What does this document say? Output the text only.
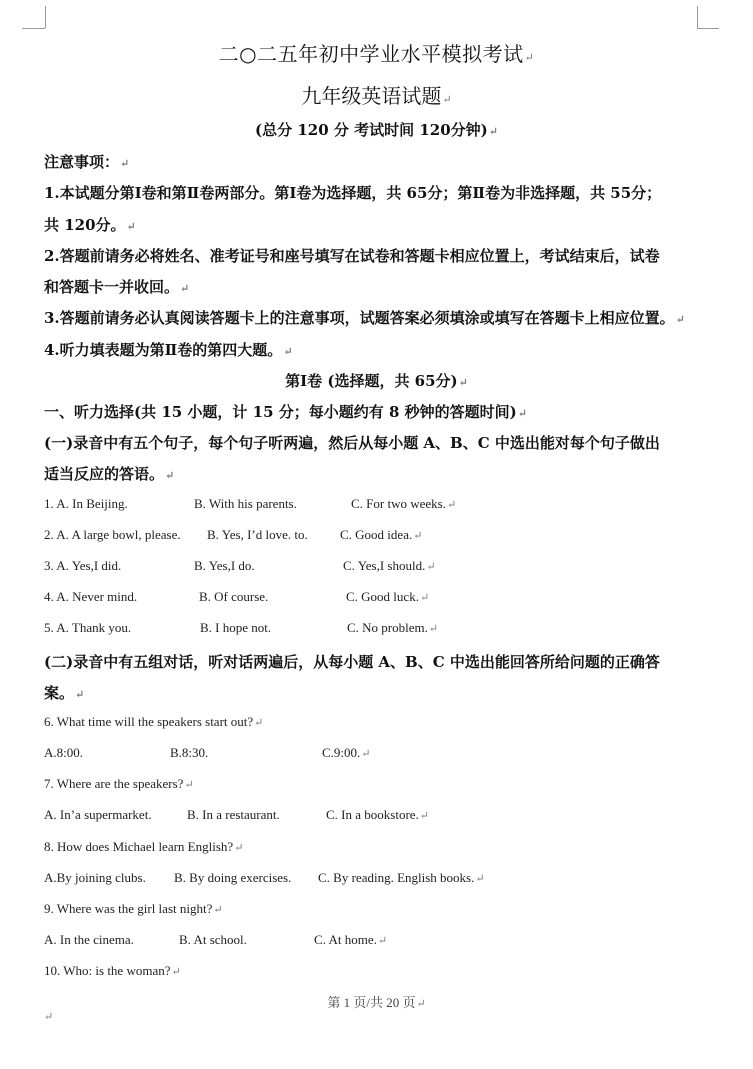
二○二五年初中学业水平模拟考试↵
九年级英语试题↵
(总分 120 分 考试时间 120分钟)↵
注意事项：↵
1.本试题分第Ⅰ卷和第Ⅱ卷两部分。第Ⅰ卷为选择题，共 65分；第Ⅱ卷为非选择题，共 55分；
共 120分。↵
2.答题前请务必将姓名、准考证号和座号填写在试卷和答题卡相应位置上，考试结束后，试卷
和答题卡一并收回。↵
3.答题前请务必认真阅读答题卡上的注意事项，试题答案必须填涂或填写在答题卡上相应位置。↵
4.听力填表题为第Ⅱ卷的第四大题。↵
第Ⅰ卷 (选择题，共 65分)↵
一、听力选择(共 15 小题，计 15 分；每小题约有 8 秒钟的答题时间)↵
(一)录音中有五个句子，每个句子听两遍，然后从每小题 A、B、C 中选出能对每个句子做出
适当反应的答语。↵
1. A. In Beijing.	B. With his parents.	C. For two weeks.↵
2. A. A large bowl, please. B. Yes, I’d love. to. C. Good idea.↵
3. A. Yes,I did.	B. Yes,I do.	C. Yes,I should.↵
4. A. Never mind.	B. Of course.	C. Good luck.↵
5. A. Thank you.	B. I hope not.	C. No problem.↵
(二)录音中有五组对话，听对话两遍后，从每小题 A、B、C 中选出能回答所给问题的正确答
案。↵
6. What time will the speakers start out?↵
A.8:00.	B.8:30.	C.9:00.↵
7. Where are the speakers?↵
A. In’a supermarket.	B. In a restaurant.	C. In a bookstore.↵
8. How does Michael learn English?↵
A.By joining clubs. B. By doing exercises. C. By reading. English books.↵
9. Where was the girl last night?↵
A. In the cinema.	B. At school.	C. At home.↵
10. Who: is the woman?↵
第 1 页/共 20 页↵
↵
